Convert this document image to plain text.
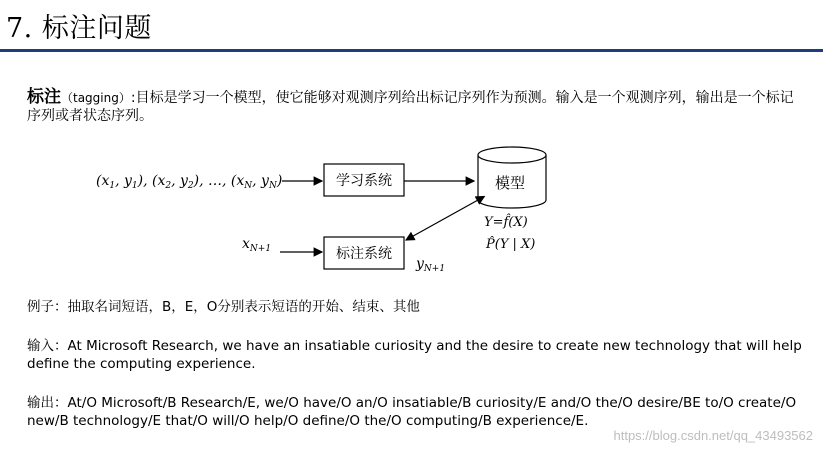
7. 标注问题
标注（tagging）:目标是学习一个模型，使它能够对观测序列给出标记序列作为预测。输入是一个观测序列，输出是一个标记序列或者状态序列。
($x_1$, $y_1$), ($x_2$, $y_2$), …, ($x_N$, $y_N$)	学习系统	模型
Y=f̂(X)
P̂(Y | X)
$x_{N+1}$	标注系统
$y_{N+1}$
例子：抽取名词短语，B，E，O分别表示短语的开始、结束、其他
输入：At Microsoft Research, we have an insatiable curiosity and the desire to create new technology that will help define the computing experience.
输出：At/O Microsoft/B Research/E, we/O have/O an/O insatiable/B curiosity/E and/O the/O desire/BE to/O create/O new/B technology/E that/O will/O help/O define/O the/O computing/B experience/E.
https://blog.csdn.net/qq_43493562
